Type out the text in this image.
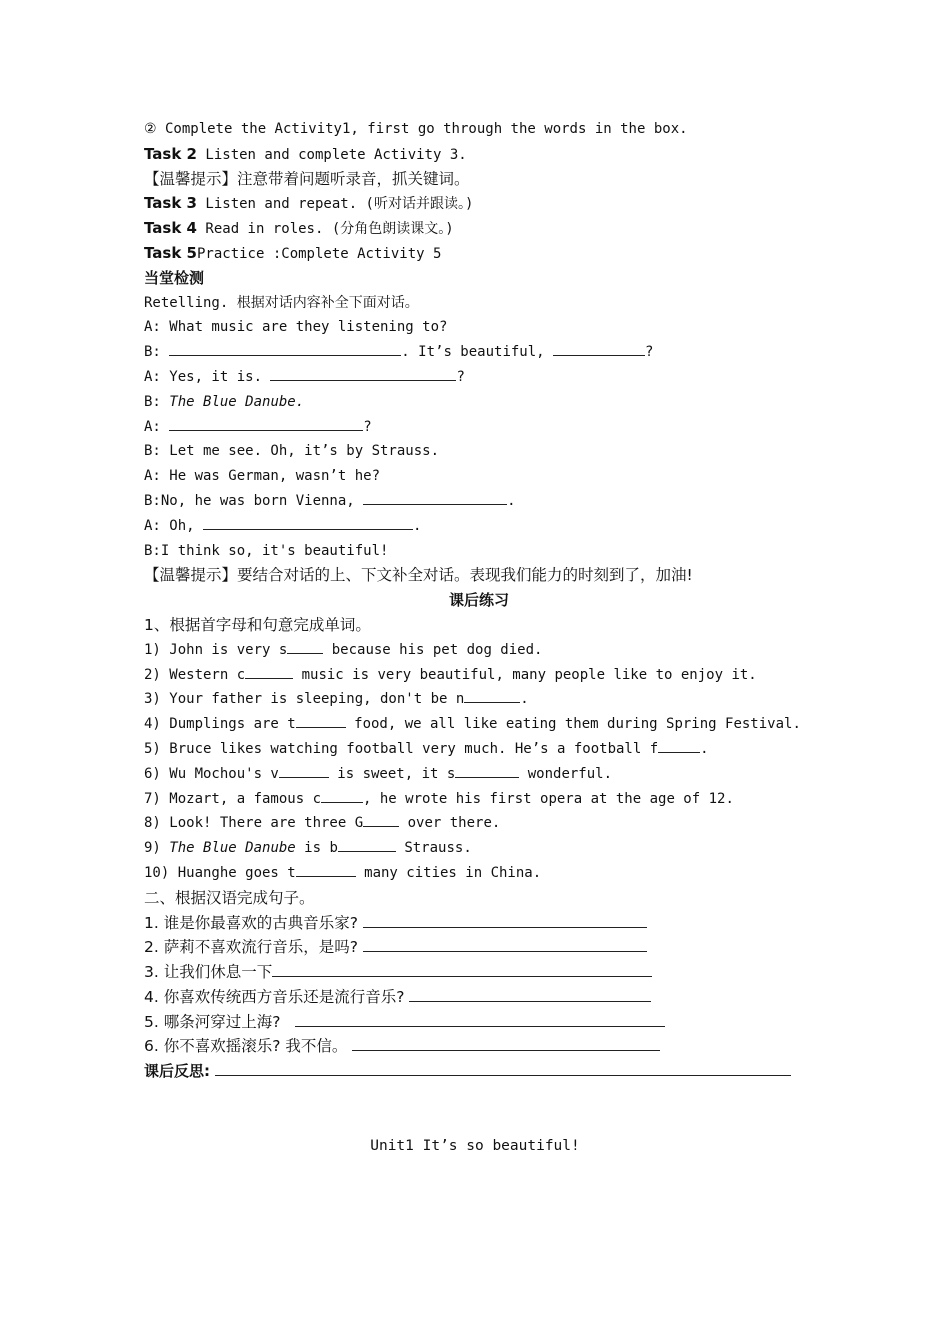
② Complete the Activity1, first go through the words in the box.
Task 2 Listen and complete Activity 3.
【温馨提示】注意带着问题听录音，抓关键词。
Task 3 Listen and repeat. (听对话并跟读。)
Task 4 Read in roles. (分角色朗读课文。)
Task 5Practice :Complete Activity 5
当堂检测
Retelling. 根据对话内容补全下面对话。
A: What music are they listening to?
B:	. It’s beautiful,	?
A: Yes, it is.	?
B: The Blue Danube.
A:	?
B: Let me see. Oh, it’s by Strauss.
A: He was German, wasn’t he?
B:No, he was born Vienna,	.
A: Oh,	.
B:I think so, it's beautiful!
【温馨提示】要结合对话的上、下文补全对话。表现我们能力的时刻到了，加油!
课后练习
1、根据首字母和句意完成单词。
1) John is very s	because his pet dog died.
2) Western c	music is very beautiful, many people like to enjoy it.
3) Your father is sleeping, don't be n	.
4) Dumplings are t	food, we all like eating them during Spring Festival.
5) Bruce likes watching football very much. He’s a football f	.
6) Wu Mochou's v	is sweet, it s	wonderful.
7) Mozart, a famous c	, he wrote his first opera at the age of 12.
8) Look! There are three G	over there.
9) The Blue Danube is b	Strauss.
10) Huanghe goes t	many cities in China.
二、根据汉语完成句子。
1. 谁是你最喜欢的古典音乐家?
2. 萨莉不喜欢流行音乐，是吗?
3. 让我们休息一下
4. 你喜欢传统西方音乐还是流行音乐?
5. 哪条河穿过上海?
6. 你不喜欢摇滚乐? 我不信。
课后反思:
Unit1 It’s so beautiful!
